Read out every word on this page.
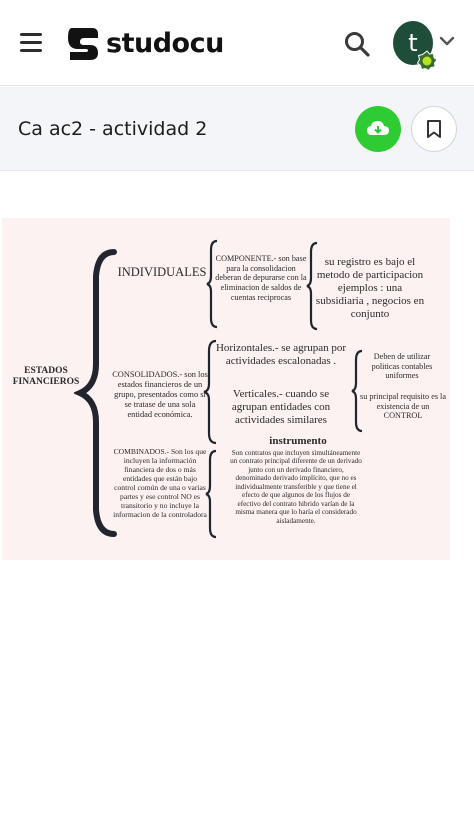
studocu	t
Ca ac2 - actividad 2
ESTADOS FINANCIEROS
INDIVIDUALES
COMPONENTE.- son base para la consolidacion deberan de depurarse con la eliminacion de saldos de cuentas reciprocas
su registro es bajo el metodo de participacion ejemplos : una subsidiaria , negocios en conjunto
CONSOLIDADOS.- son los estados financieros de un grupo, presentados como si se tratase de una sola entidad económica.
Horizontales.- se agrupan por actividades escalonadas .
Verticales.- cuando se agrupan entidades con actividades similares
Deben de utilizar politicas contables uniformes
su principal requisito es la existencia de un CONTROL
COMBINADOS.- Son los que incluyen la información financiera de dos o más entidades que están bajo control común de una o varias partes y ese control NO es transitorio y no incluye la informacion de la controladora
instrumento
Son contratos que incluyen simultáneamente un contrato principal diferente de un derivado junto con un derivado financiero, denominado derivado implícito, que no es individualmente transferible y que tiene el efecto de que algunos de los flujos de efectivo del contrato hibrido varían de la misma manera que lo haría el considerado aisladamente.
